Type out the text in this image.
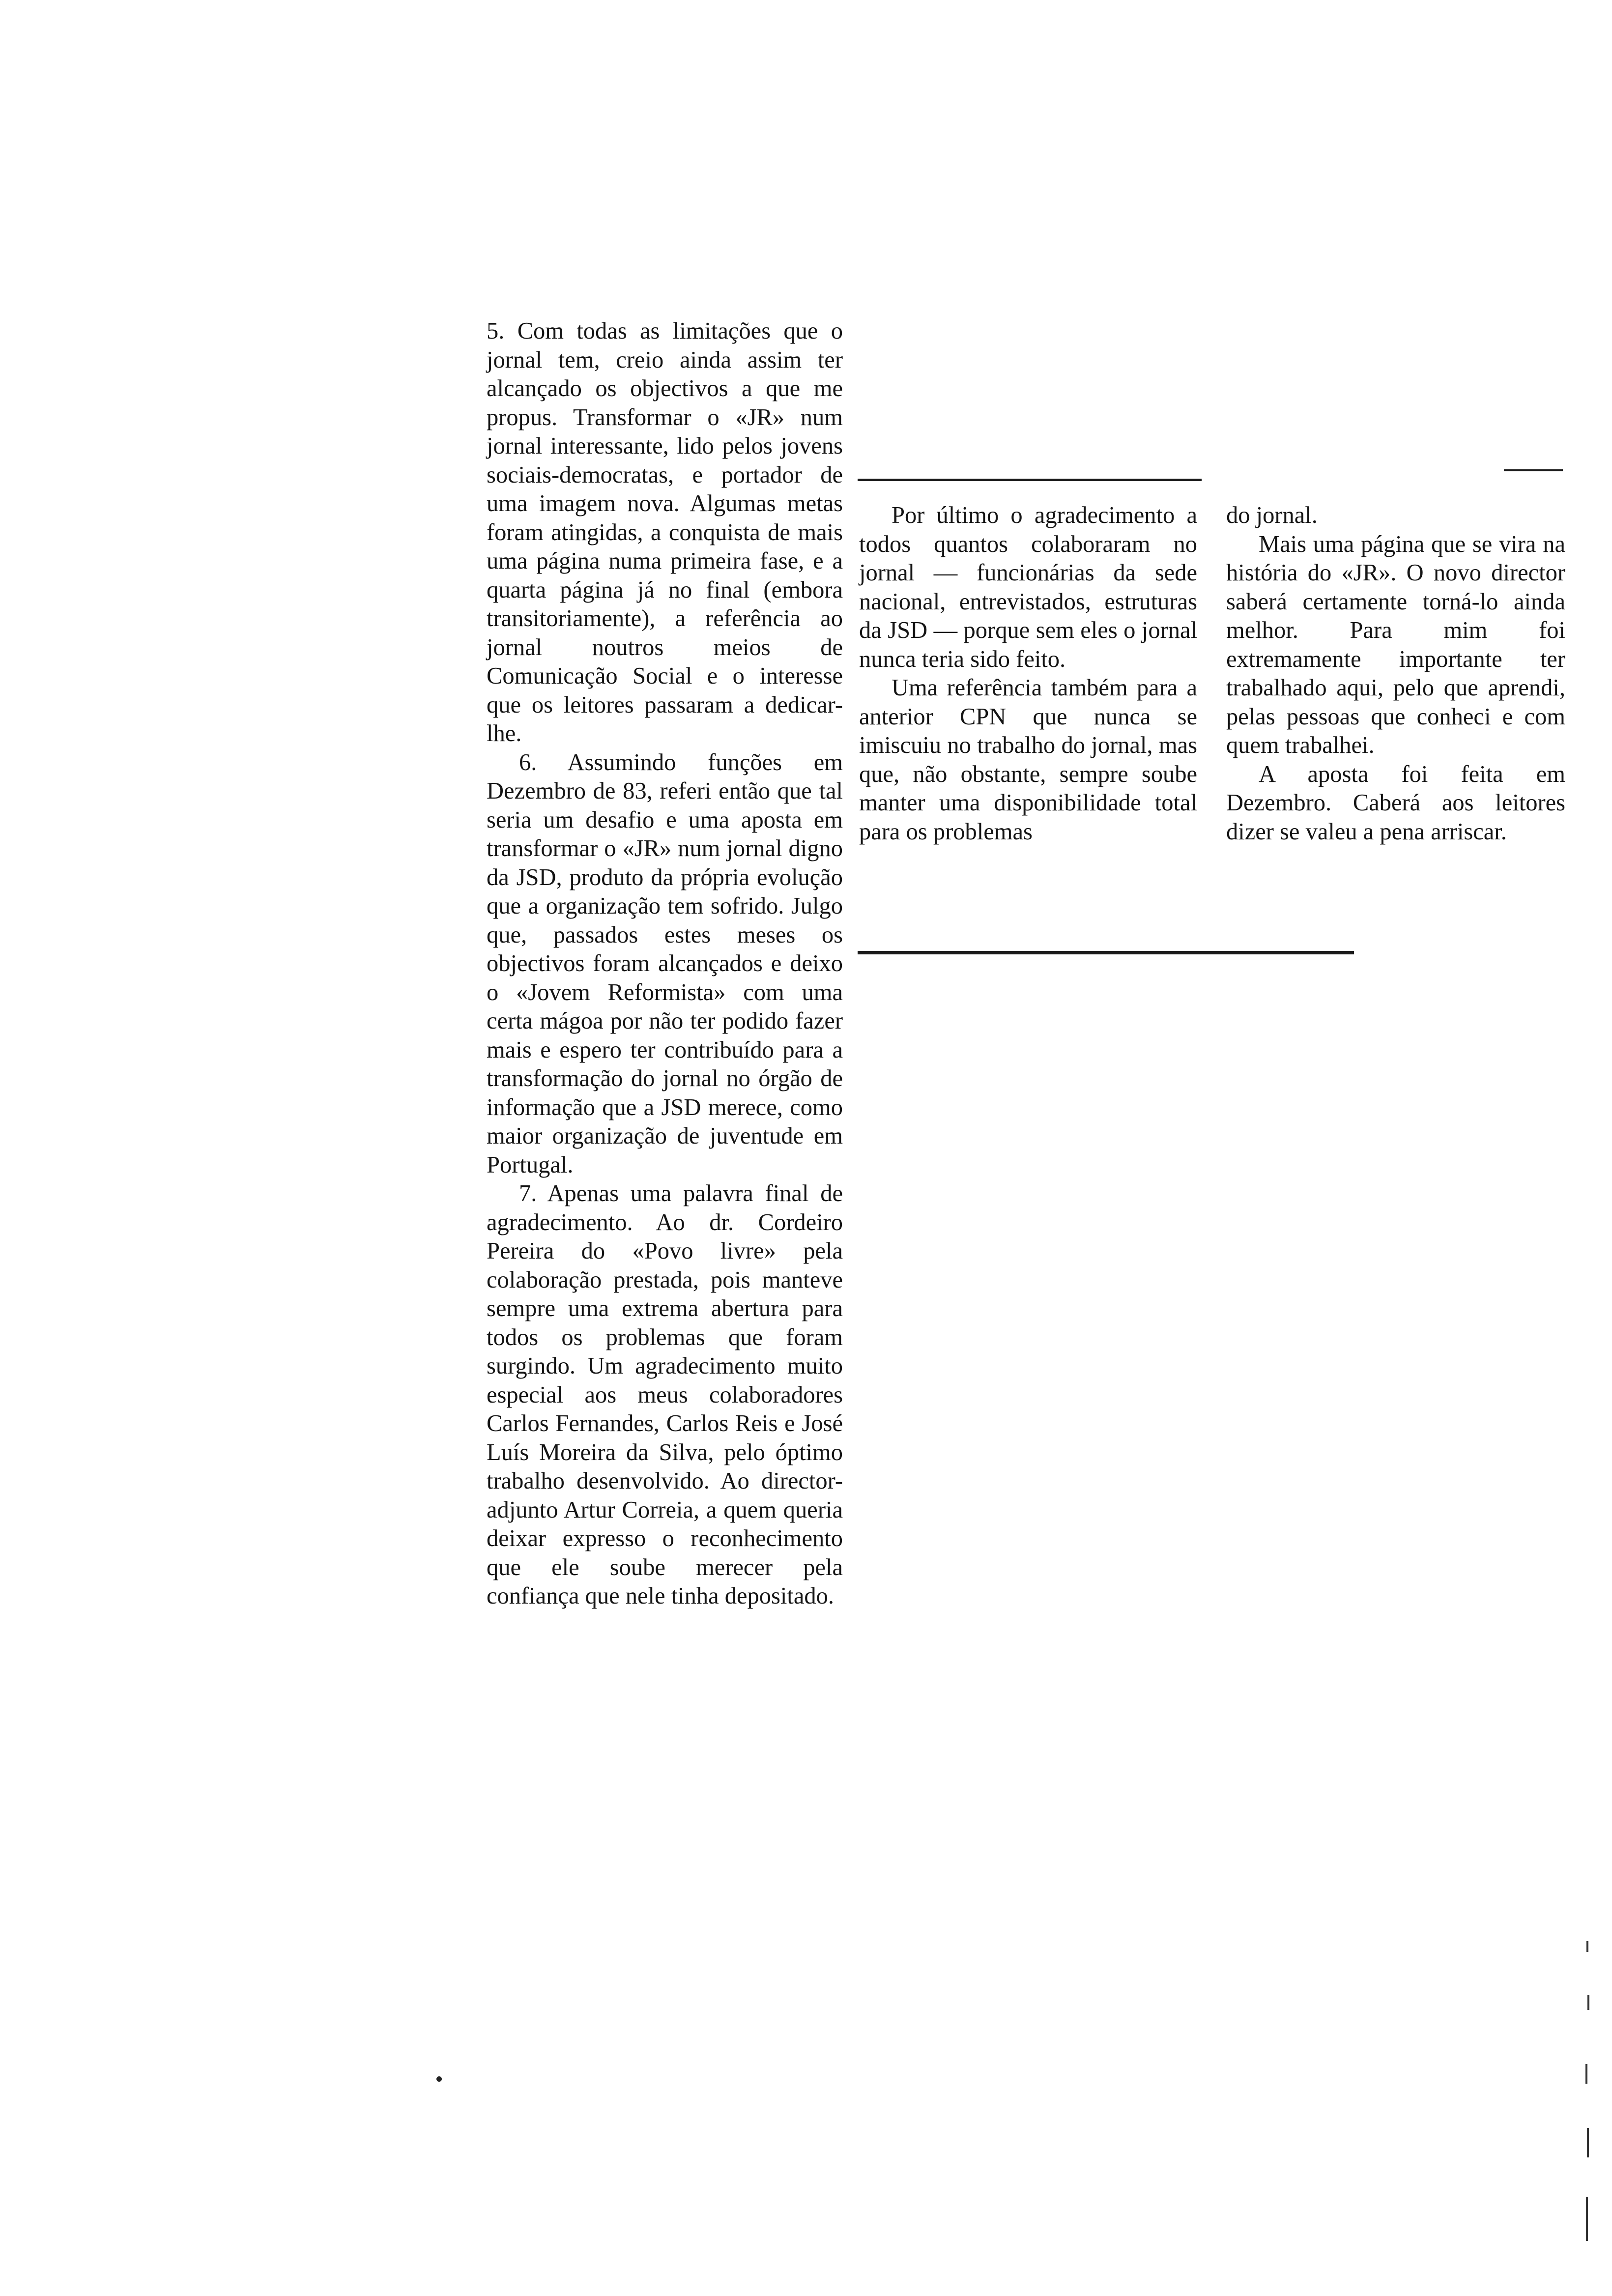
5. Com todas as limitações que o jornal tem, creio ainda assim ter alcançado os objectivos a que me propus. Transformar o «JR» num jornal interessante, lido pelos jovens sociais-democratas, e portador de uma imagem nova. Algumas metas foram atingidas, a conquista de mais uma página numa primeira fase, e a quarta página já no final (embora transitoriamente), a referência ao jornal noutros meios de Comunicação Social e o interesse que os leitores passaram a dedicar-lhe.

6. Assumindo funções em Dezembro de 83, referi então que tal seria um desafio e uma aposta em transformar o «JR» num jornal digno da JSD, produto da própria evolução que a organização tem sofrido. Julgo que, passados estes meses os objectivos foram alcançados e deixo o «Jovem Reformista» com uma certa mágoa por não ter podido fazer mais e espero ter contribuído para a transformação do jornal no órgão de informação que a JSD merece, como maior organização de juventude em Portugal.

7. Apenas uma palavra final de agradecimento. Ao dr. Cordeiro Pereira do «Povo livre» pela colaboração prestada, pois manteve sempre uma extrema abertura para todos os problemas que foram surgindo. Um agradecimento muito especial aos meus colaboradores Carlos Fernandes, Carlos Reis e José Luís Moreira da Silva, pelo óptimo trabalho desenvolvido. Ao director-adjunto Artur Correia, a quem queria deixar expresso o reconhecimento que ele soube merecer pela confiança que nele tinha depositado.

Por último o agradecimento a todos quantos colaboraram no jornal — funcionárias da sede nacional, entrevistados, estruturas da JSD — porque sem eles o jornal nunca teria sido feito.

Uma referência também para a anterior CPN que nunca se imiscuiu no trabalho do jornal, mas que, não obstante, sempre soube manter uma disponibilidade total para os problemas

do jornal.

Mais uma página que se vira na história do «JR». O novo director saberá certamente torná-lo ainda melhor. Para mim foi extremamente importante ter trabalhado aqui, pelo que aprendi, pelas pessoas que conheci e com quem trabalhei.

A aposta foi feita em Dezembro. Caberá aos leitores dizer se valeu a pena arriscar.
